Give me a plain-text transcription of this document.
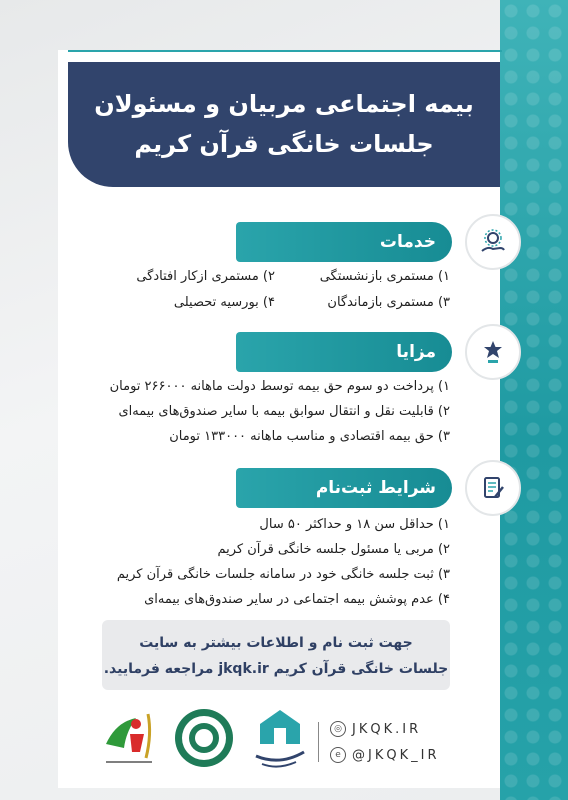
بیمه اجتماعی مربیان و مسئولان
جلسات خانگی قرآن کریم
خدمات
۱) مستمری بازنشستگی
۲) مستمری ازکار افتادگی
۳) مستمری بازماندگان
۴) بورسیه تحصیلی
مزایا
۱) پرداخت دو سوم حق بیمه توسط دولت ماهانه ۲۶۶۰۰۰ تومان
۲) قابلیت نقل و انتقال سوابق بیمه با سایر صندوق‌های بیمه‌ای
۳) حق بیمه اقتصادی و مناسب ماهانه ۱۳۳۰۰۰ تومان
شرایط ثبت‌نام
۱) حداقل سن ۱۸ و حداکثر ۵۰ سال
۲) مربی یا مسئول جلسه خانگی قرآن کریم
۳) ثبت جلسه خانگی خود در سامانه جلسات خانگی قرآن کریم
۴) عدم پوشش بیمه اجتماعی در سایر صندوق‌های بیمه‌ای
جهت ثبت نام و اطلاعات بیشتر به سایت
جلسات خانگی قرآن کریم jkqk.ir مراجعه فرمایید.
◎ JKQK.IR
e @JKQK_IR
